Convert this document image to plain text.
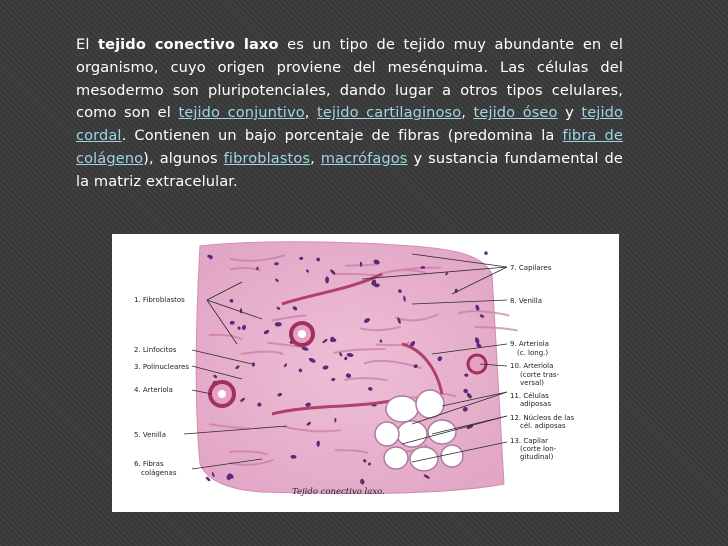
El tejido conectivo laxo es un tipo de tejido muy abundante en el organismo, cuyo origen proviene del mesénquima. Las células del mesodermo son pluripotenciales, dando lugar a otros tipos celulares, como son el tejido conjuntivo, tejido cartilaginoso, tejido óseo y tejido cordal. Contienen un bajo porcentaje de fibras (predomina la fibra de colágeno), algunos fibroblastos, macrófagos y sustancia fundamental de la matriz extracelular.

1. Fibroblastos
2. Linfocitos
3. Polinucleares
4. Arteriola
5. Venilla
6. Fibras
colágenas
7. Capilares
8. Venilla
9. Arteriola
(c. long.)
10. Arteriola
(corte tras-
versal)
11. Células
adiposas
12. Núcleos de las
cél. adiposas
13. Capilar
(corte lon-
gitudinal)
Tejido conectivo laxo.
